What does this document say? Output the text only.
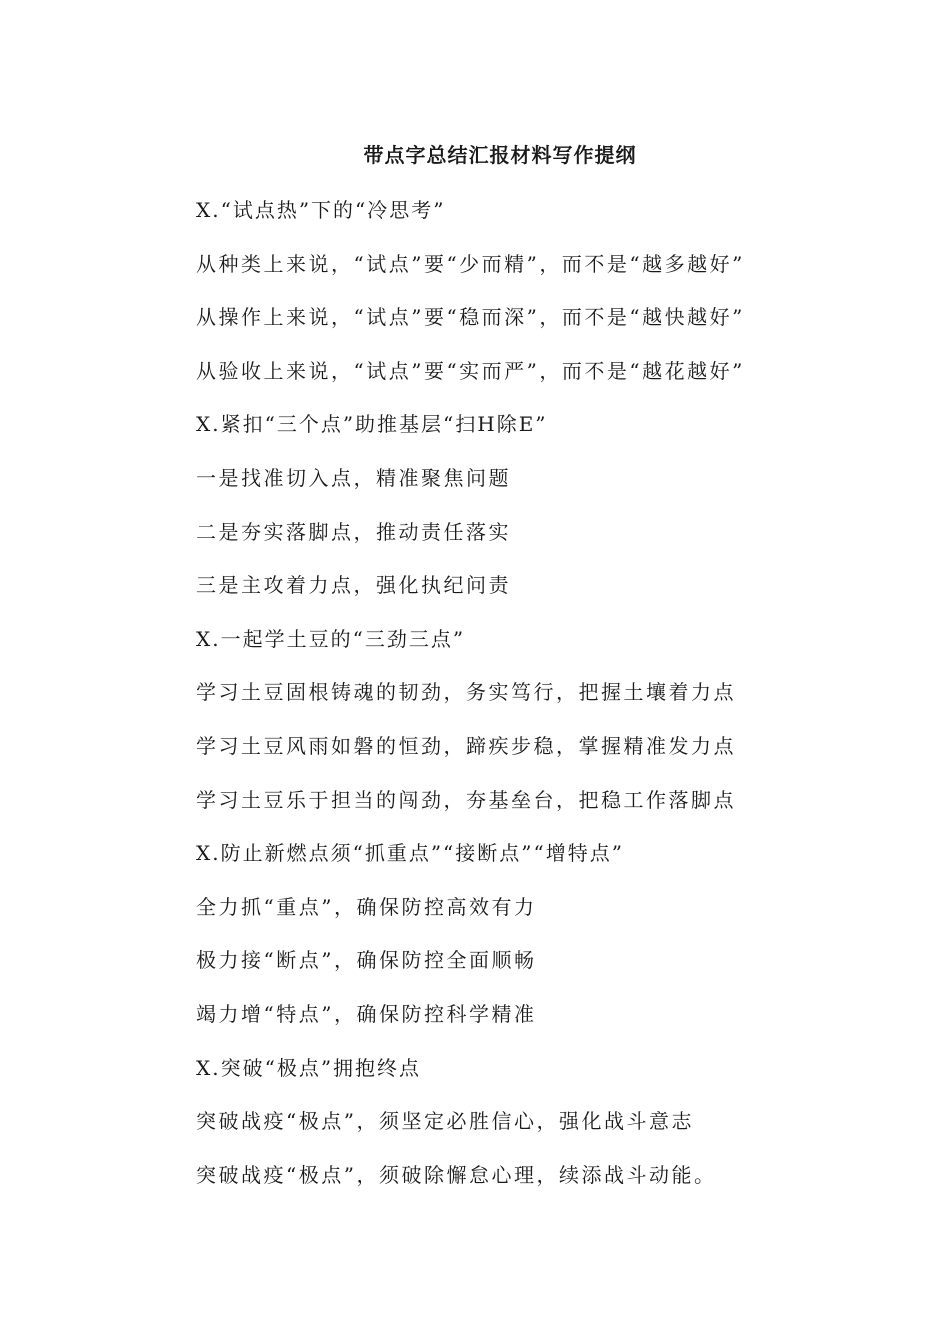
带点字总结汇报材料写作提纲
X.“试点热”下的“冷思考”
从种类上来说，“试点”要“少而精”，而不是“越多越好”
从操作上来说，“试点”要“稳而深”，而不是“越快越好”
从验收上来说，“试点”要“实而严”，而不是“越花越好”
X.紧扣“三个点”助推基层“扫H除E”
一是找准切入点，精准聚焦问题
二是夯实落脚点，推动责任落实
三是主攻着力点，强化执纪问责
X.一起学土豆的“三劲三点”
学习土豆固根铸魂的韧劲，务实笃行，把握土壤着力点
学习土豆风雨如磐的恒劲，蹄疾步稳，掌握精准发力点
学习土豆乐于担当的闯劲，夯基垒台，把稳工作落脚点
X.防止新燃点须“抓重点”“接断点”“增特点”
全力抓“重点”，确保防控高效有力
极力接“断点”，确保防控全面顺畅
竭力增“特点”，确保防控科学精准
X.突破“极点”拥抱终点
突破战疫“极点”，须坚定必胜信心，强化战斗意志
突破战疫“极点”，须破除懈怠心理，续添战斗动能。
